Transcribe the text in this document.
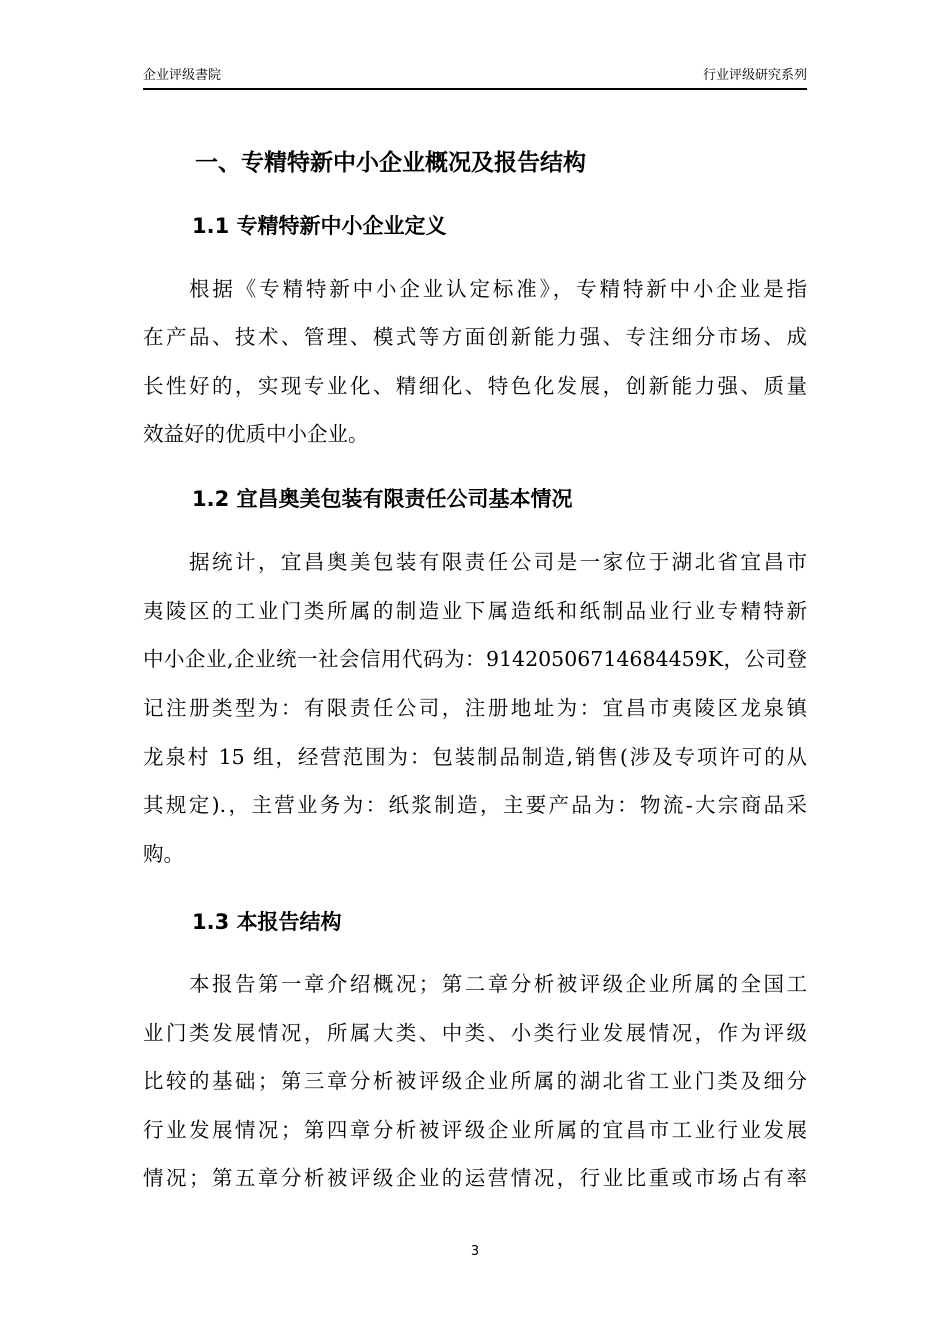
企业评级書院	行业评级研究系列
一、专精特新中小企业概况及报告结构
1.1 专精特新中小企业定义
根据《专精特新中小企业认定标准》，专精特新中小企业是指
在产品、技术、管理、模式等方面创新能力强、专注细分市场、成
长性好的，实现专业化、精细化、特色化发展，创新能力强、质量
效益好的优质中小企业。
1.2 宜昌奥美包装有限责任公司基本情况
据统计，宜昌奥美包装有限责任公司是一家位于湖北省宜昌市
夷陵区的工业门类所属的制造业下属造纸和纸制品业行业专精特新
中小企业,企业统一社会信用代码为：91420506714684459K，公司登
记注册类型为：有限责任公司，注册地址为：宜昌市夷陵区龙泉镇
龙泉村 15 组，经营范围为：包装制品制造,销售(涉及专项许可的从
其规定).，主营业务为：纸浆制造，主要产品为：物流-大宗商品采
购。
1.3 本报告结构
本报告第一章介绍概况；第二章分析被评级企业所属的全国工
业门类发展情况，所属大类、中类、小类行业发展情况，作为评级
比较的基础；第三章分析被评级企业所属的湖北省工业门类及细分
行业发展情况；第四章分析被评级企业所属的宜昌市工业行业发展
情况；第五章分析被评级企业的运营情况，行业比重或市场占有率
3
